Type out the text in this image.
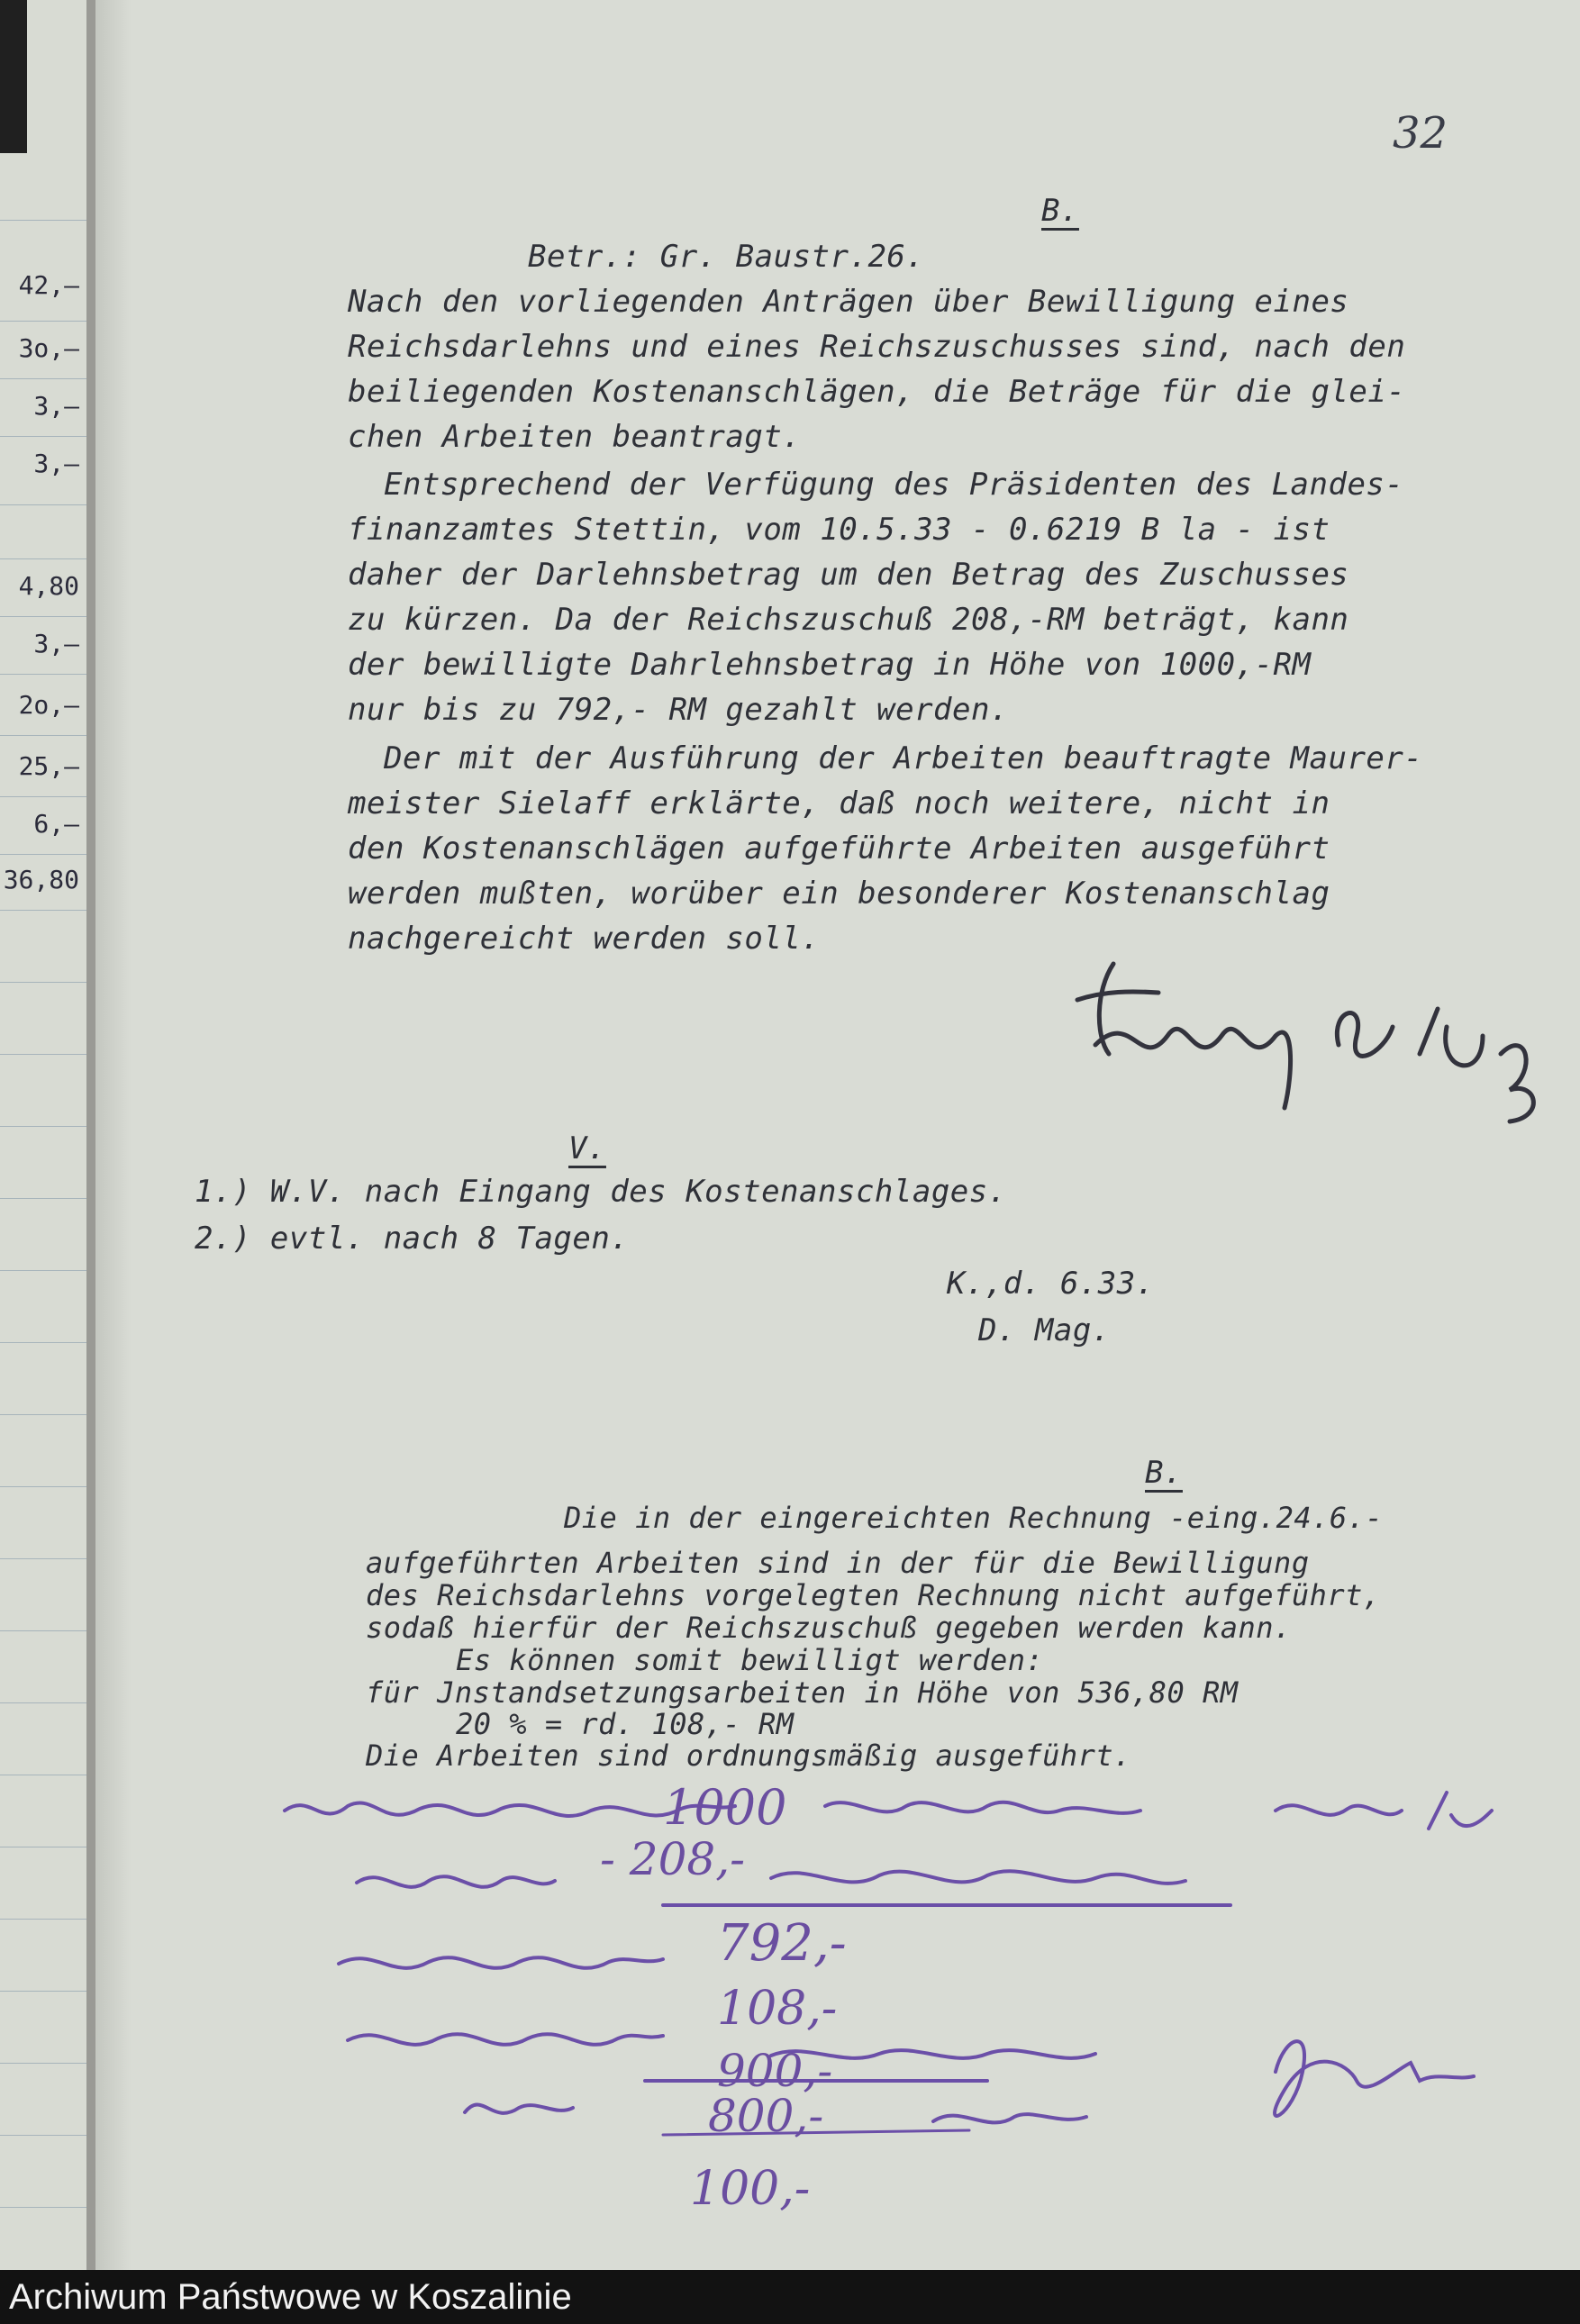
42,–
3o,–
3,–
3,–
4,80
3,–
2o,–
25,–
6,–
36,80
32
B.
Betr.: Gr. Baustr.26.
Nach den vorliegenden Anträgen über Bewilligung eines
Reichsdarlehns und eines Reichszuschusses sind, nach den
beiliegenden Kostenanschlägen, die Beträge für die glei-
chen Arbeiten beantragt.
Entsprechend der Verfügung des Präsidenten des Landes-
finanzamtes Stettin, vom 10.5.33 - 0.6219 B la - ist
daher der Darlehnsbetrag um den Betrag des Zuschusses
zu kürzen. Da der Reichszuschuß 208,-RM beträgt, kann
der bewilligte Dahrlehnsbetrag in Höhe von 1000,-RM
nur bis zu 792,- RM gezahlt werden.
Der mit der Ausführung der Arbeiten beauftragte Maurer-
meister Sielaff erklärte, daß noch weitere, nicht in
den Kostenanschlägen aufgeführte Arbeiten ausgeführt
werden mußten, worüber ein besonderer Kostenanschlag
nachgereicht werden soll.
V.
1.) W.V. nach Eingang des Kostenanschlages.
2.) evtl. nach 8 Tagen.
K.,d. 6.33.
D. Mag.
B.
Die in der eingereichten Rechnung -eing.24.6.-
aufgeführten Arbeiten sind in der für die Bewilligung
des Reichsdarlehns vorgelegten Rechnung nicht aufgeführt,
sodaß hierfür der Reichszuschuß gegeben werden kann.
Es können somit bewilligt werden:
für Jnstandsetzungsarbeiten in Höhe von 536,80 RM
20 % = rd. 108,- RM
Die Arbeiten sind ordnungsmäßig ausgeführt.
1000
- 208,-
792,-
108,-
900,-
800,-
100,-
Archiwum Państwowe w Koszalinie
